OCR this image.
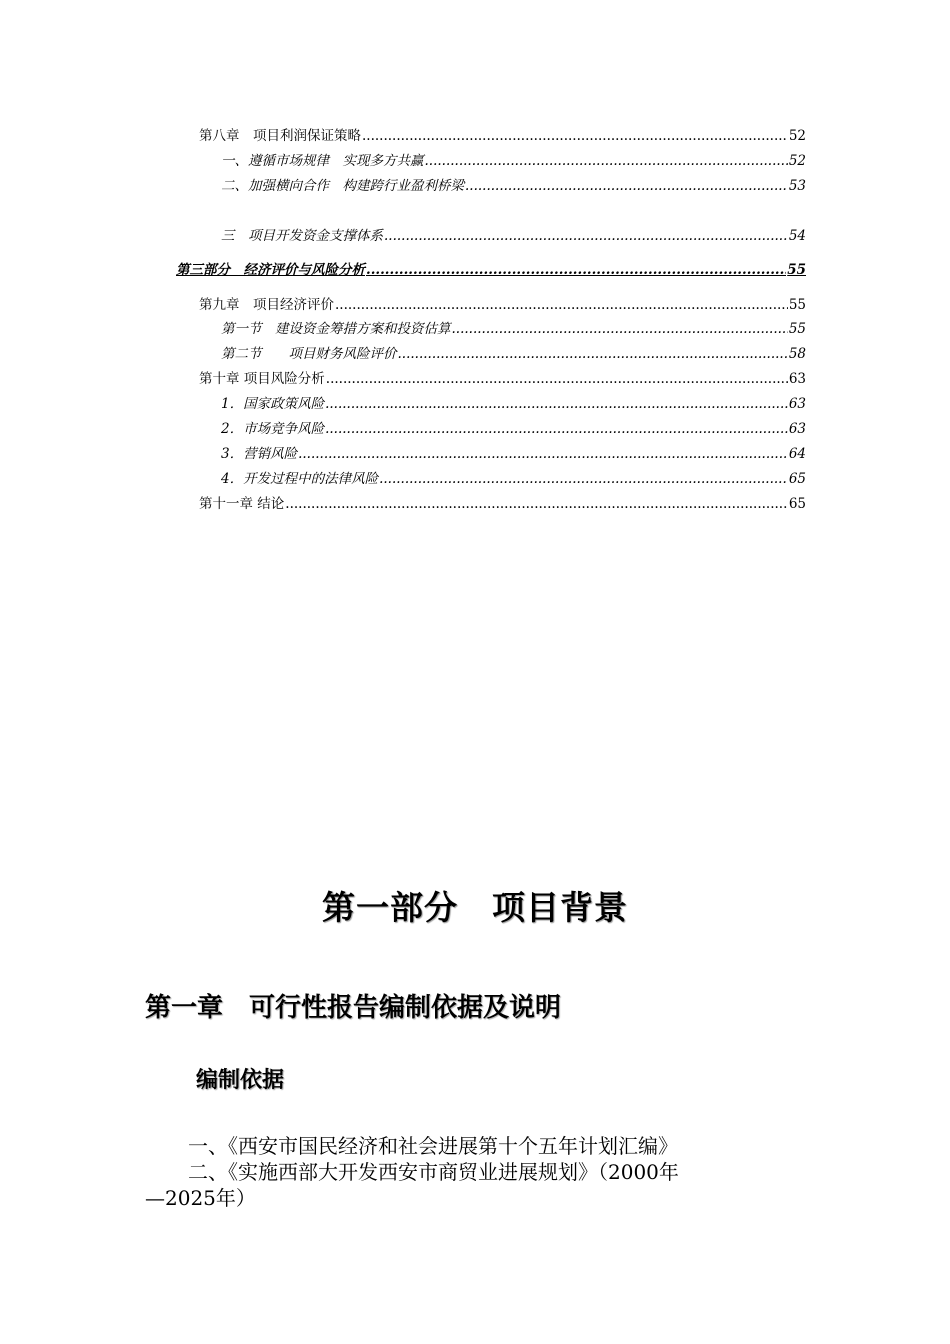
第八章　项目利润保证策略 .....	52
一、遵循市场规律　实现多方共赢 .....	52
二、加强横向合作　构建跨行业盈利桥梁 .....	53
三　项目开发资金支撑体系 .....	54
第三部分　经济评价与风险分析 .....	55
第九章　项目经济评价 .....	55
第一节　建设资金筹措方案和投资估算 .....	55
第二节　　项目财务风险评价 .....	58
第十章 项目风险分析 .....	63
1．国家政策风险 .....	63
2．市场竞争风险 .....	63
3．营销风险 .....	64
4．开发过程中的法律风险 .....	65
第十一章 结论 .....	65
第一部分　项目背景
第一章　可行性报告编制依据及说明
编制依据
一、《西安市国民经济和社会进展第十个五年计划汇编》
二、《实施西部大开发西安市商贸业进展规划》（2000年
—2025年）
